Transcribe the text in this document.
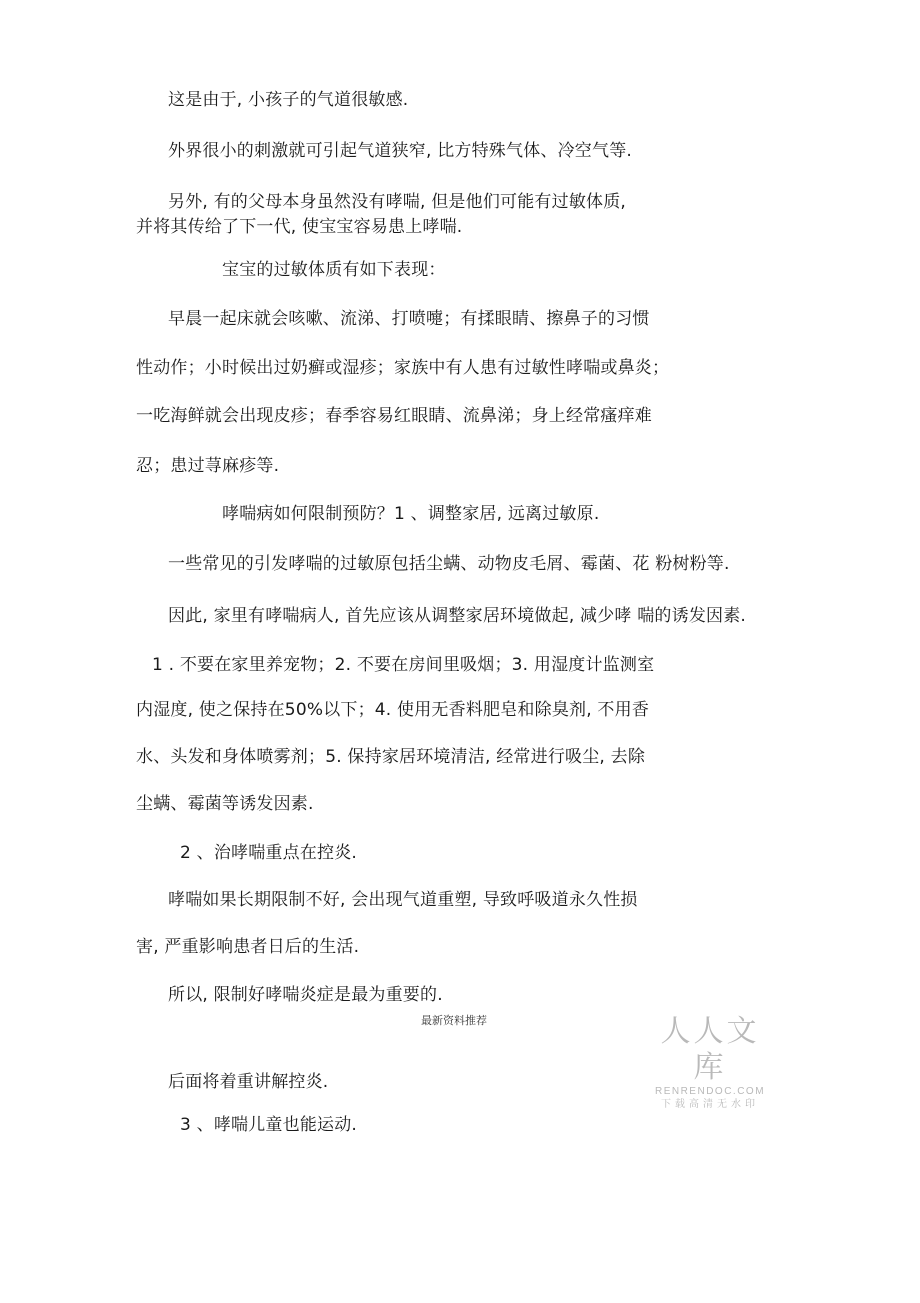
这是由于, 小孩子的气道很敏感.
外界很小的刺激就可引起气道狭窄, 比方特殊气体、冷空气等.
另外, 有的父母本身虽然没有哮喘, 但是他们可能有过敏体质,
并将其传给了下一代, 使宝宝容易患上哮喘.
宝宝的过敏体质有如下表现：
早晨一起床就会咳嗽、流涕、打喷嚏；有揉眼睛、擦鼻子的习惯
性动作；小时候出过奶癣或湿疹；家族中有人患有过敏性哮喘或鼻炎；
一吃海鲜就会出现皮疹；春季容易红眼睛、流鼻涕；身上经常瘙痒难
忍；患过荨麻疹等.
哮喘病如何限制预防？1 、调整家居, 远离过敏原.
一些常见的引发哮喘的过敏原包括尘螨、动物皮毛屑、霉菌、花 粉树粉等.
因此, 家里有哮喘病人, 首先应该从调整家居环境做起, 减少哮 喘的诱发因素.
1 . 不要在家里养宠物；2. 不要在房间里吸烟；3. 用湿度计监测室
内湿度, 使之保持在50%以下；4. 使用无香料肥皂和除臭剂, 不用香
水、头发和身体喷雾剂；5. 保持家居环境清洁, 经常进行吸尘, 去除
尘螨、霉菌等诱发因素.
2 、治哮喘重点在控炎.
哮喘如果长期限制不好, 会出现气道重塑, 导致呼吸道永久性损
害, 严重影响患者日后的生活.
所以, 限制好哮喘炎症是最为重要的.
最新资料推荐	人人文库
RENRENDOC.COM
下载高清无水印
后面将着重讲解控炎.
3 、哮喘儿童也能运动.
